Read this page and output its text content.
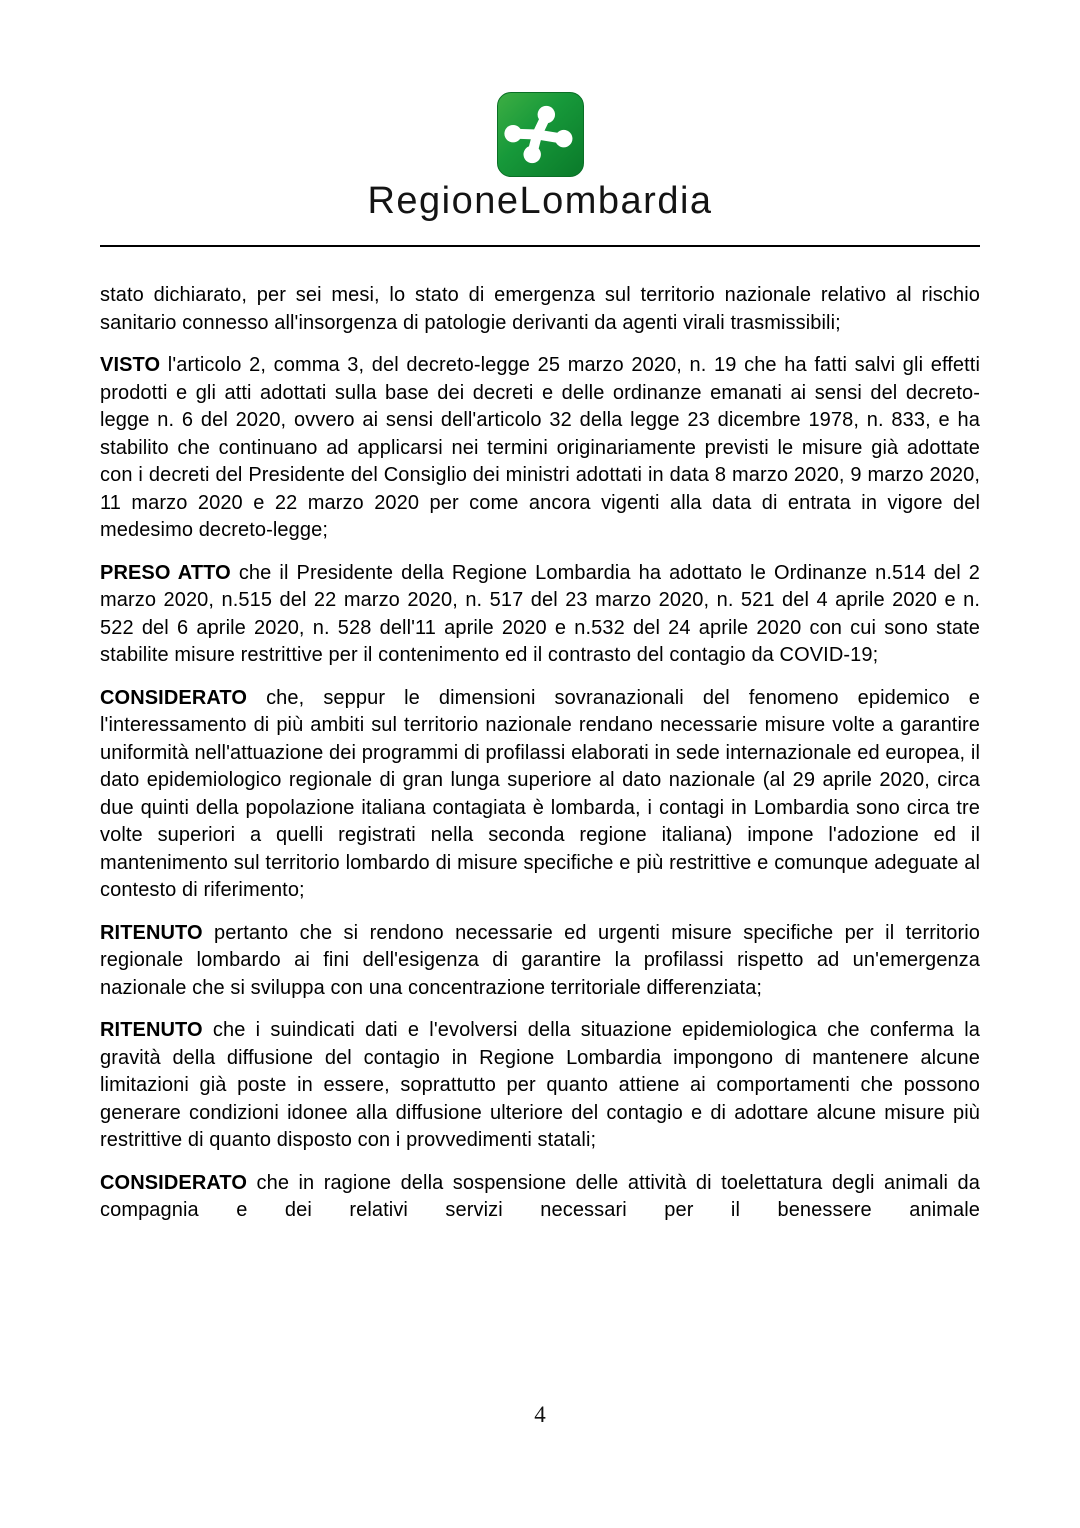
RegioneLombardia

stato dichiarato, per sei mesi, lo stato di emergenza sul territorio nazionale relativo al rischio sanitario connesso all'insorgenza di patologie derivanti da agenti virali trasmissibili;

VISTO l'articolo 2, comma 3, del decreto-legge 25 marzo 2020, n. 19 che ha fatti salvi gli effetti prodotti e gli atti adottati sulla base dei decreti e delle ordinanze emanati ai sensi del decreto-legge n. 6 del 2020, ovvero ai sensi dell'articolo 32 della legge 23 dicembre 1978, n. 833, e ha stabilito che continuano ad applicarsi nei termini originariamente previsti le misure già adottate con i decreti del Presidente del Consiglio dei ministri adottati in data 8 marzo 2020, 9 marzo 2020, 11 marzo 2020 e 22 marzo 2020 per come ancora vigenti alla data di entrata in vigore del medesimo decreto-legge;

PRESO ATTO che il Presidente della Regione Lombardia ha adottato le Ordinanze n.514 del 2 marzo 2020, n.515 del 22 marzo 2020, n. 517 del 23 marzo 2020, n. 521 del 4 aprile 2020 e n. 522 del 6 aprile 2020, n. 528 dell'11 aprile 2020 e n.532 del 24 aprile 2020 con cui sono state stabilite misure restrittive per il contenimento ed il contrasto del contagio da COVID-19;

CONSIDERATO che, seppur le dimensioni sovranazionali del fenomeno epidemico e l'interessamento di più ambiti sul territorio nazionale rendano necessarie misure volte a garantire uniformità nell'attuazione dei programmi di profilassi elaborati in sede internazionale ed europea, il dato epidemiologico regionale di gran lunga superiore al dato nazionale (al 29 aprile 2020, circa due quinti della popolazione italiana contagiata è lombarda, i contagi in Lombardia sono circa tre volte superiori a quelli registrati nella seconda regione italiana) impone l'adozione ed il mantenimento sul territorio lombardo di misure specifiche e più restrittive e comunque adeguate al contesto di riferimento;

RITENUTO pertanto che si rendono necessarie ed urgenti misure specifiche per il territorio regionale lombardo ai fini dell'esigenza di garantire la profilassi rispetto ad un'emergenza nazionale che si sviluppa con una concentrazione territoriale differenziata;

RITENUTO che i suindicati dati e l'evolversi della situazione epidemiologica che conferma la gravità della diffusione del contagio in Regione Lombardia impongono di mantenere alcune limitazioni già poste in essere, soprattutto per quanto attiene ai comportamenti che possono generare condizioni idonee alla diffusione ulteriore del contagio e di adottare alcune misure più restrittive di quanto disposto con i provvedimenti statali;

CONSIDERATO che in ragione della sospensione delle attività di toelettatura degli animali da compagnia e dei relativi servizi necessari per il benessere animale

4
